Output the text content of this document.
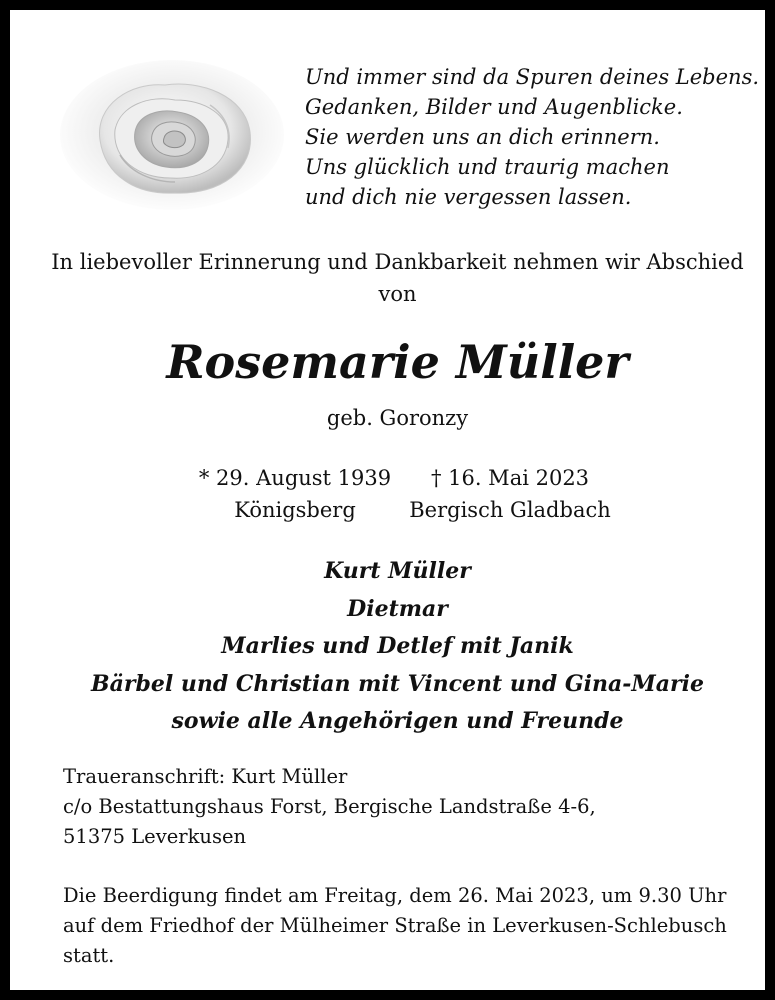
Und immer sind da Spuren deines Lebens.
Gedanken, Bilder und Augenblicke.
Sie werden uns an dich erinnern.
Uns glücklich und traurig machen
und dich nie vergessen lassen.
In liebevoller Erinnerung und Dankbarkeit nehmen wir Abschied von
Rosemarie Müller
geb. Goronzy
* 29. August 1939
Königsberg
† 16. Mai 2023
Bergisch Gladbach
Kurt Müller
Dietmar
Marlies und Detlef mit Janik
Bärbel und Christian mit Vincent und Gina-Marie
sowie alle Angehörigen und Freunde
Traueranschrift: Kurt Müller
c/o Bestattungshaus Forst, Bergische Landstraße 4-6,
51375 Leverkusen
Die Beerdigung findet am Freitag, dem 26. Mai 2023, um 9.30 Uhr
auf dem Friedhof der Mülheimer Straße in Leverkusen-Schlebusch
statt.
